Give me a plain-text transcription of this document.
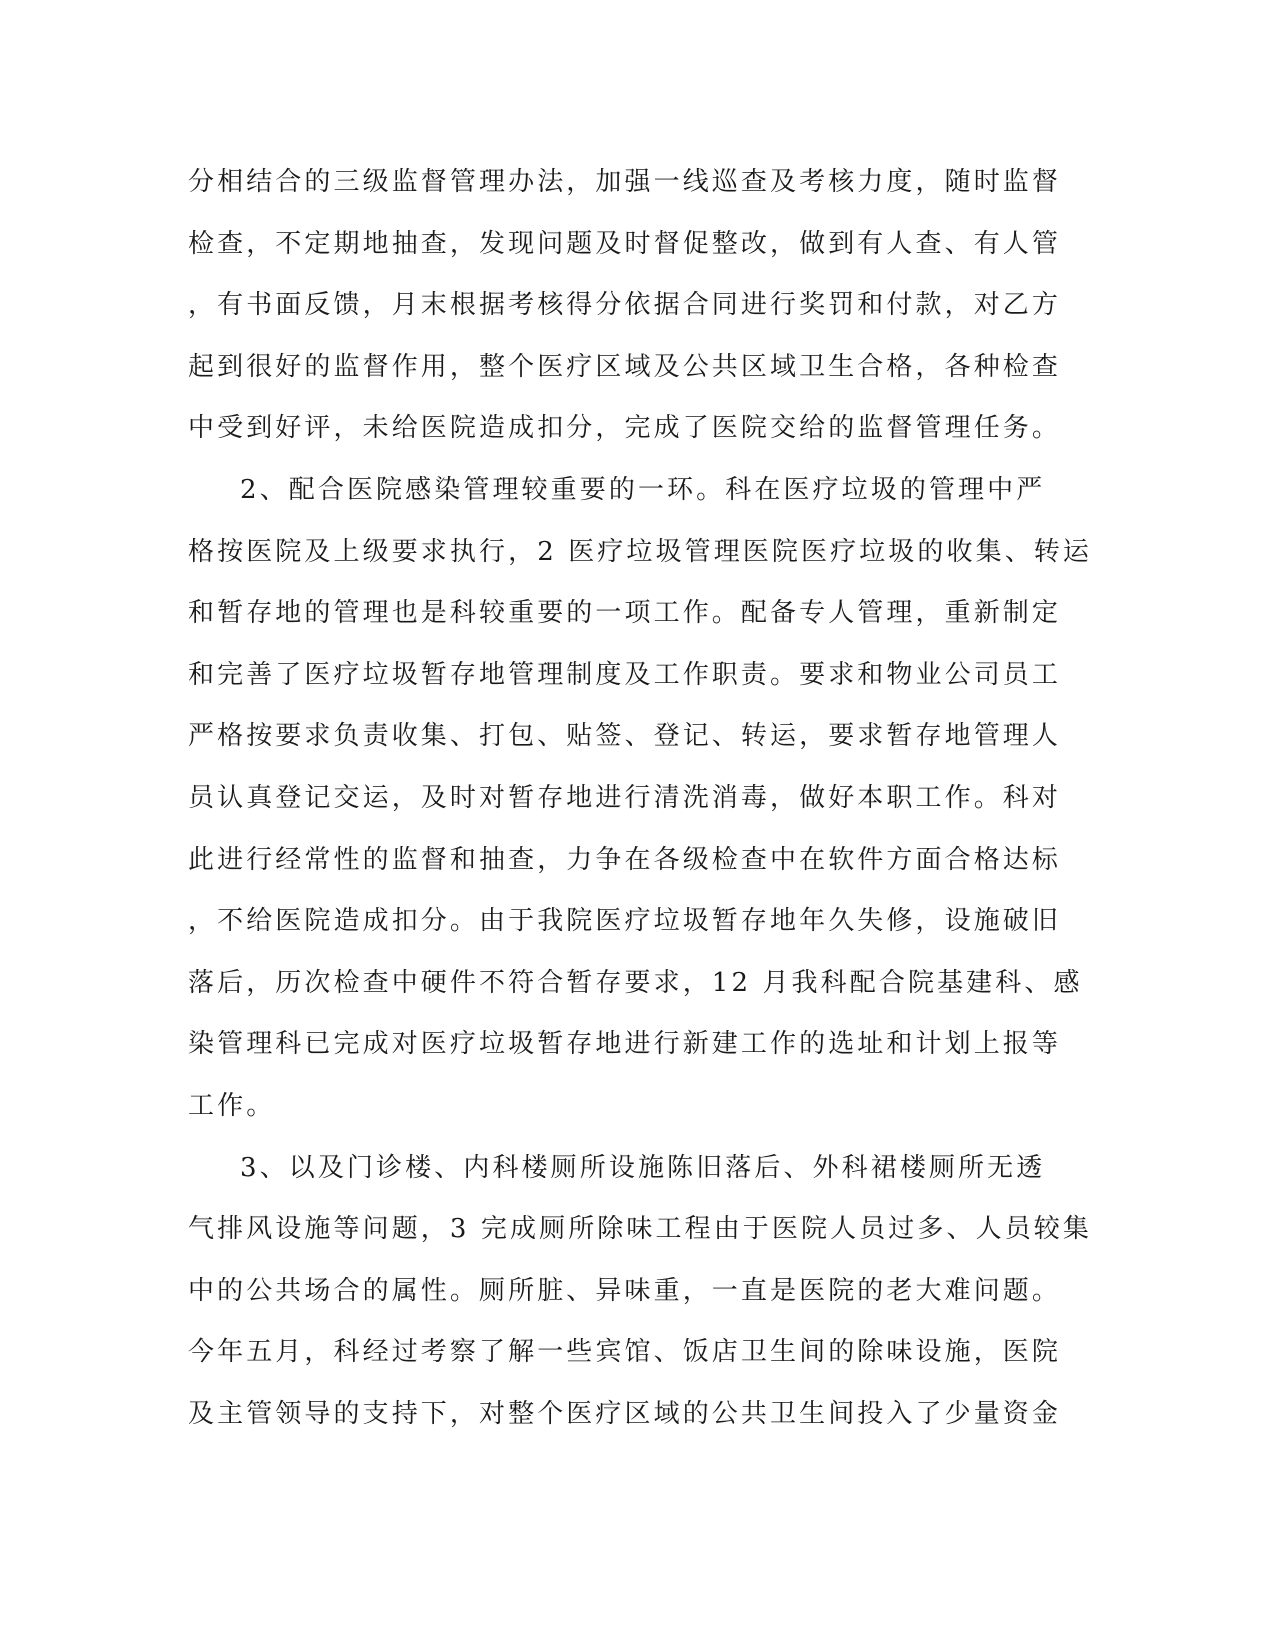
分相结合的三级监督管理办法，加强一线巡查及考核力度，随时监督
检查，不定期地抽查，发现问题及时督促整改，做到有人查、有人管
，有书面反馈，月末根据考核得分依据合同进行奖罚和付款，对乙方
起到很好的监督作用，整个医疗区域及公共区域卫生合格，各种检查
中受到好评，未给医院造成扣分，完成了医院交给的监督管理任务。
2、配合医院感染管理较重要的一环。科在医疗垃圾的管理中严
格按医院及上级要求执行，2 医疗垃圾管理医院医疗垃圾的收集、转运
和暂存地的管理也是科较重要的一项工作。配备专人管理，重新制定
和完善了医疗垃圾暂存地管理制度及工作职责。要求和物业公司员工
严格按要求负责收集、打包、贴签、登记、转运，要求暂存地管理人
员认真登记交运，及时对暂存地进行清洗消毒，做好本职工作。科对
此进行经常性的监督和抽查，力争在各级检查中在软件方面合格达标
，不给医院造成扣分。由于我院医疗垃圾暂存地年久失修，设施破旧
落后，历次检查中硬件不符合暂存要求，12 月我科配合院基建科、感
染管理科已完成对医疗垃圾暂存地进行新建工作的选址和计划上报等
工作。
3、以及门诊楼、内科楼厕所设施陈旧落后、外科裙楼厕所无透
气排风设施等问题，3 完成厕所除味工程由于医院人员过多、人员较集
中的公共场合的属性。厕所脏、异味重，一直是医院的老大难问题。
今年五月，科经过考察了解一些宾馆、饭店卫生间的除味设施，医院
及主管领导的支持下，对整个医疗区域的公共卫生间投入了少量资金
